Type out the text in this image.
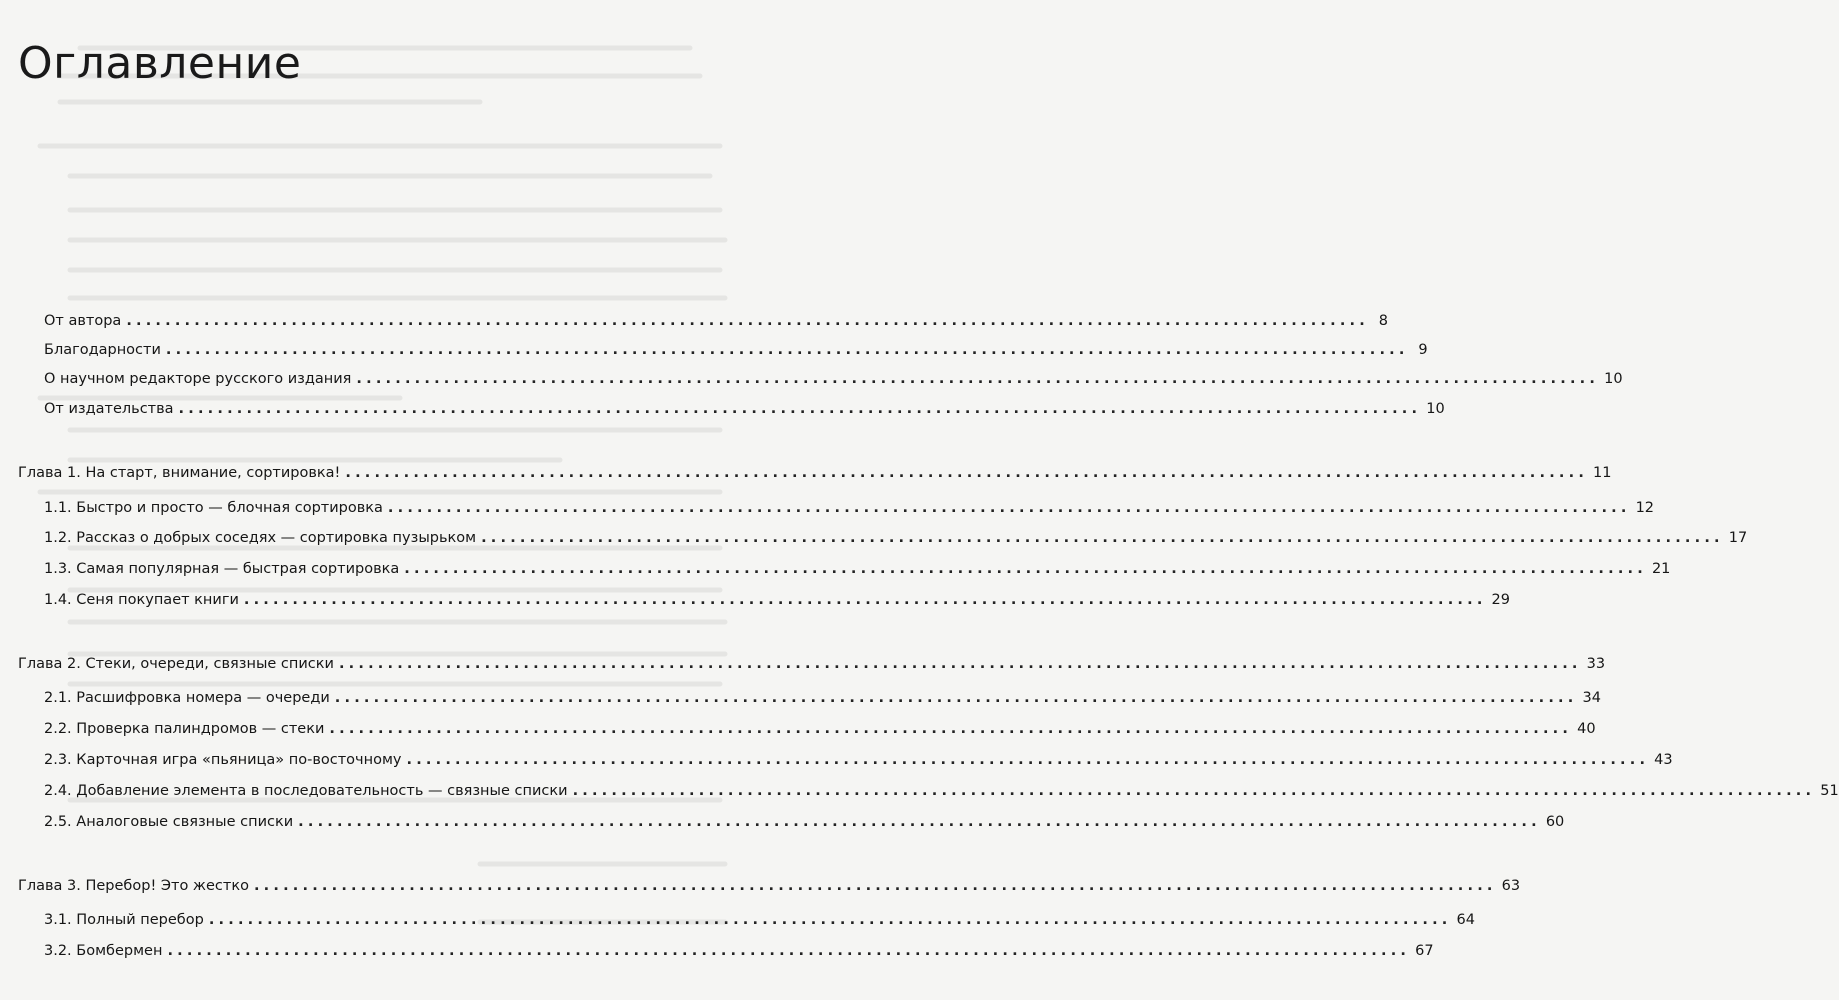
Оглавление
От автора ................................................................................................................................ 8
Благодарности ................................................................................................................................ 9
О научном редакторе русского издания ................................................................................................................................ 10
От издательства ................................................................................................................................ 10
Глава 1. На старт, внимание, сортировка! ................................................................................................................................ 11
1.1. Быстро и просто — блочная сортировка ................................................................................................................................ 12
1.2. Рассказ о добрых соседях — сортировка пузырьком ................................................................................................................................ 17
1.3. Самая популярная — быстрая сортировка ................................................................................................................................ 21
1.4. Сеня покупает книги ................................................................................................................................ 29
Глава 2. Стеки, очереди, связные списки ................................................................................................................................ 33
2.1. Расшифровка номера — очереди ................................................................................................................................ 34
2.2. Проверка палиндромов — стеки ................................................................................................................................ 40
2.3. Карточная игра «пьяница» по-восточному ................................................................................................................................ 43
2.4. Добавление элемента в последовательность — связные списки ................................................................................................................................ 51
2.5. Аналоговые связные списки ................................................................................................................................ 60
Глава 3. Перебор! Это жестко ................................................................................................................................ 63
3.1. Полный перебор ................................................................................................................................ 64
3.2. Бомбермен ................................................................................................................................ 67
